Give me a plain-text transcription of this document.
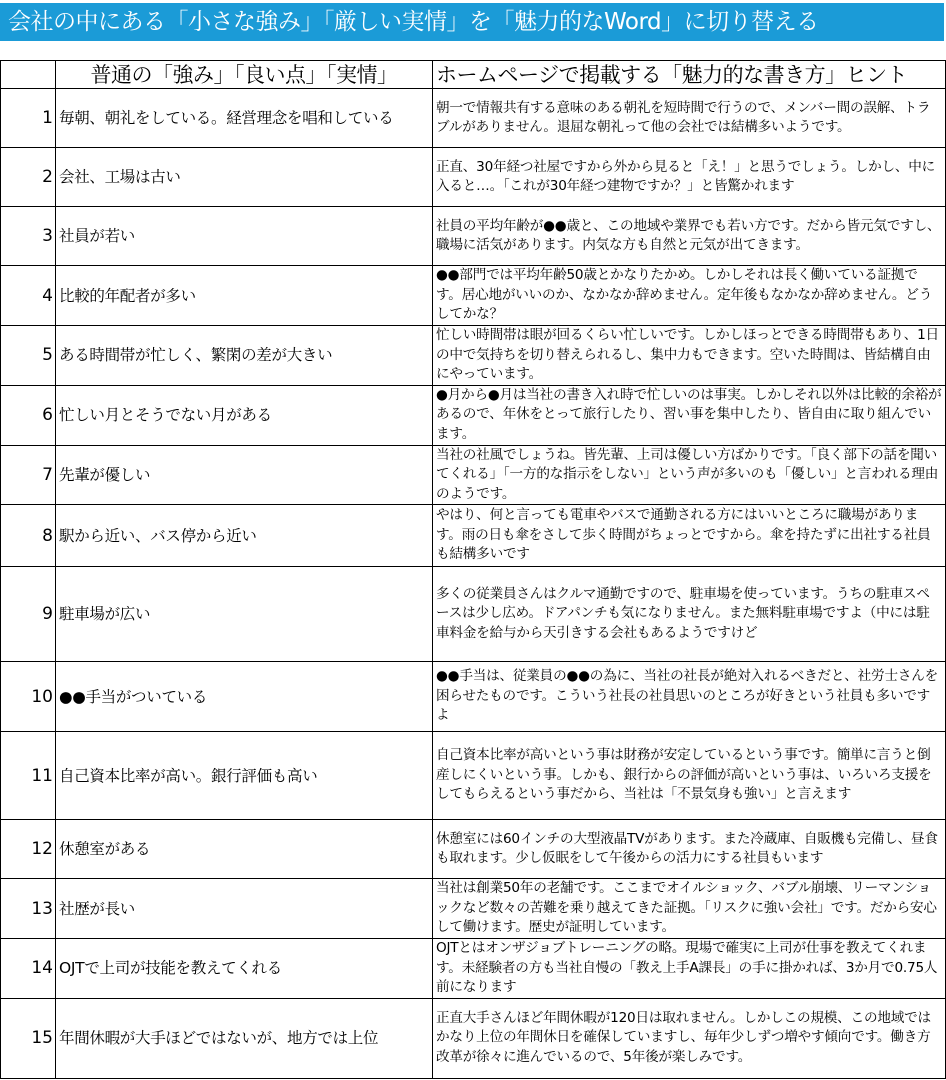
会社の中にある「小さな強み」「厳しい実情」を「魅力的なWord」に切り替える
	普通の「強み」「良い点」「実情」	ホームページで掲載する「魅力的な書き方」ヒント
1	毎朝、朝礼をしている。経営理念を唱和している	朝一で情報共有する意味のある朝礼を短時間で行うので、メンバー間の誤解、トラブルがありません。退屈な朝礼って他の会社では結構多いようです。
2	会社、工場は古い	正直、30年経つ社屋ですから外から見ると「え！」と思うでしょう。しかし、中に入ると…。「これが30年経つ建物ですか？」と皆驚かれます
3	社員が若い	社員の平均年齢が●●歳と、この地域や業界でも若い方です。だから皆元気ですし、職場に活気があります。内気な方も自然と元気が出てきます。
4	比較的年配者が多い	●●部門では平均年齢50歳とかなりたかめ。しかしそれは長く働いている証拠です。居心地がいいのか、なかなか辞めません。定年後もなかなか辞めません。どうしてかな？
5	ある時間帯が忙しく、繁閑の差が大きい	忙しい時間帯は眼が回るくらい忙しいです。しかしほっとできる時間帯もあり、1日の中で気持ちを切り替えられるし、集中力もできます。空いた時間は、皆結構自由にやっています。
6	忙しい月とそうでない月がある	●月から●月は当社の書き入れ時で忙しいのは事実。しかしそれ以外は比較的余裕があるので、年休をとって旅行したり、習い事を集中したり、皆自由に取り組んでいます。
7	先輩が優しい	当社の社風でしょうね。皆先輩、上司は優しい方ばかりです。「良く部下の話を聞いてくれる」「一方的な指示をしない」という声が多いのも「優しい」と言われる理由のようです。
8	駅から近い、バス停から近い	やはり、何と言っても電車やバスで通勤される方にはいいところに職場があります。雨の日も傘をさして歩く時間がちょっとですから。傘を持たずに出社する社員も結構多いです
9	駐車場が広い	多くの従業員さんはクルマ通勤ですので、駐車場を使っています。うちの駐車スペースは少し広め。ドアパンチも気になりません。また無料駐車場ですよ（中には駐車料金を給与から天引きする会社もあるようですけど
10	●●手当がついている	●●手当は、従業員の●●の為に、当社の社長が絶対入れるべきだと、社労士さんを困らせたものです。こういう社長の社員思いのところが好きという社員も多いですよ
11	自己資本比率が高い。銀行評価も高い	自己資本比率が高いという事は財務が安定しているという事です。簡単に言うと倒産しにくいという事。しかも、銀行からの評価が高いという事は、いろいろ支援をしてもらえるという事だから、当社は「不景気身も強い」と言えます
12	休憩室がある	休憩室には60インチの大型液晶TVがあります。また冷蔵庫、自販機も完備し、昼食も取れます。少し仮眠をして午後からの活力にする社員もいます
13	社歴が長い	当社は創業50年の老舗です。ここまでオイルショック、バブル崩壊、リーマンショックなど数々の苦難を乗り越えてきた証拠。「リスクに強い会社」です。だから安心して働けます。歴史が証明しています。
14	OJTで上司が技能を教えてくれる	OJTとはオンザジョブトレーニングの略。現場で確実に上司が仕事を教えてくれます。未経験者の方も当社自慢の「教え上手A課長」の手に掛かれば、3か月で0.75人前になります
15	年間休暇が大手ほどではないが、地方では上位	正直大手さんほど年間休暇が120日は取れません。しかしこの規模、この地域ではかなり上位の年間休日を確保していますし、毎年少しずつ増やす傾向です。働き方改革が徐々に進んでいるので、5年後が楽しみです。
